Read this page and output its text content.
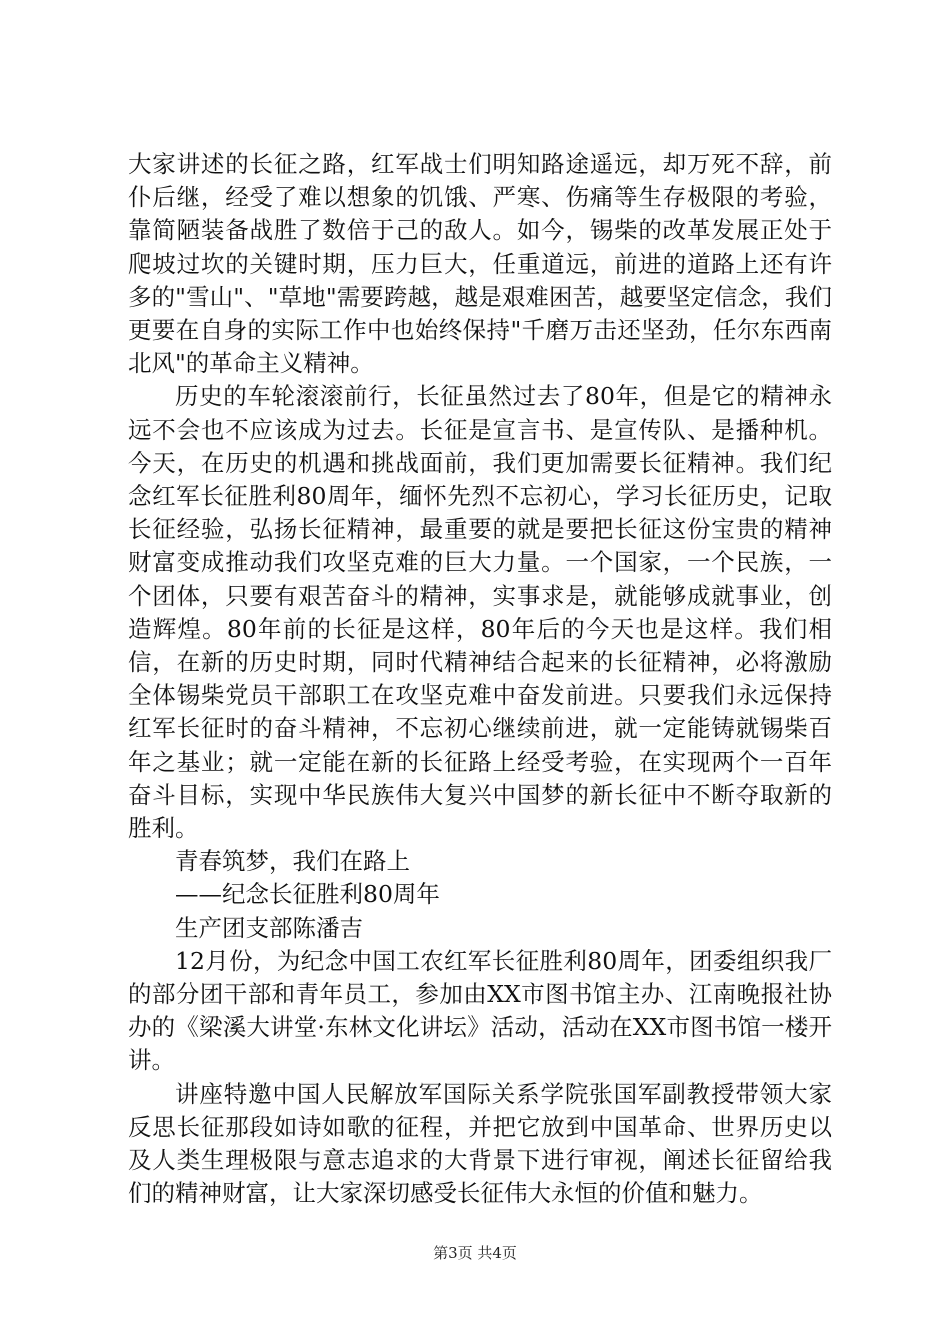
大家讲述的长征之路，红军战士们明知路途遥远，却万死不辞，前仆后继，经受了难以想象的饥饿、严寒、伤痛等生存极限的考验，靠简陋装备战胜了数倍于己的敌人。如今，锡柴的改革发展正处于爬坡过坎的关键时期，压力巨大，任重道远，前进的道路上还有许多的"雪山"、"草地"需要跨越，越是艰难困苦，越要坚定信念，我们更要在自身的实际工作中也始终保持"千磨万击还坚劲，任尔东西南北风"的革命主义精神。

历史的车轮滚滚前行，长征虽然过去了80年，但是它的精神永远不会也不应该成为过去。长征是宣言书、是宣传队、是播种机。今天，在历史的机遇和挑战面前，我们更加需要长征精神。我们纪念红军长征胜利80周年，缅怀先烈不忘初心，学习长征历史，记取长征经验，弘扬长征精神，最重要的就是要把长征这份宝贵的精神财富变成推动我们攻坚克难的巨大力量。一个国家，一个民族，一个团体，只要有艰苦奋斗的精神，实事求是，就能够成就事业，创造辉煌。80年前的长征是这样，80年后的今天也是这样。我们相信，在新的历史时期，同时代精神结合起来的长征精神，必将激励全体锡柴党员干部职工在攻坚克难中奋发前进。只要我们永远保持红军长征时的奋斗精神，不忘初心继续前进，就一定能铸就锡柴百年之基业；就一定能在新的长征路上经受考验，在实现两个一百年奋斗目标，实现中华民族伟大复兴中国梦的新长征中不断夺取新的胜利。

青春筑梦，我们在路上

——纪念长征胜利80周年

生产团支部陈潘吉

12月份，为纪念中国工农红军长征胜利80周年，团委组织我厂的部分团干部和青年员工，参加由XX市图书馆主办、江南晚报社协办的《梁溪大讲堂·东林文化讲坛》活动，活动在XX市图书馆一楼开讲。

讲座特邀中国人民解放军国际关系学院张国军副教授带领大家反思长征那段如诗如歌的征程，并把它放到中国革命、世界历史以及人类生理极限与意志追求的大背景下进行审视，阐述长征留给我们的精神财富，让大家深切感受长征伟大永恒的价值和魅力。

第3页 共4页
